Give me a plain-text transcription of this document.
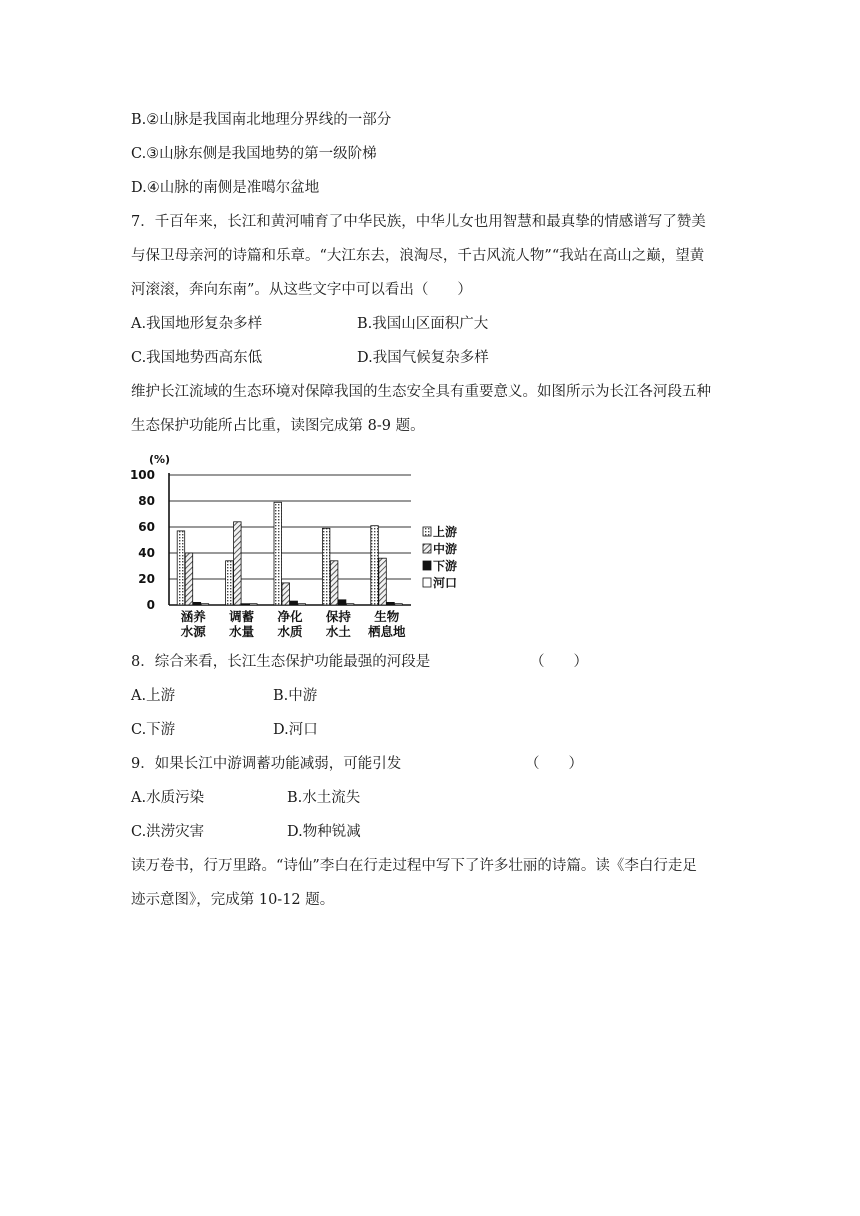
B.②山脉是我国南北地理分界线的一部分
C.③山脉东侧是我国地势的第一级阶梯
D.④山脉的南侧是准噶尔盆地
7．千百年来，长江和黄河哺育了中华民族，中华儿女也用智慧和最真挚的情感谱写了赞美
与保卫母亲河的诗篇和乐章。“大江东去，浪淘尽，千古风流人物”“我站在高山之巅，望黄
河滚滚，奔向东南”。从这些文字中可以看出（　　）
A.我国地形复杂多样	B.我国山区面积广大
C.我国地势西高东低	D.我国气候复杂多样
维护长江流域的生态环境对保障我国的生态安全具有重要意义。如图所示为长江各河段五种
生态保护功能所占比重，读图完成第 8-9 题。
0
20
40
60
80
100
(%)
涵养
水源
调蓄
水量
净化
水质
保持
水土
生物
栖息地
上游
中游
下游
河口
8．综合来看，长江生态保护功能最强的河段是	（　　）
A.上游	B.中游
C.下游	D.河口
9．如果长江中游调蓄功能减弱，可能引发	（　　）
A.水质污染	B.水土流失
C.洪涝灾害	D.物种锐减
读万卷书，行万里路。“诗仙”李白在行走过程中写下了许多壮丽的诗篇。读《李白行走足
迹示意图》，完成第 10-12 题。
